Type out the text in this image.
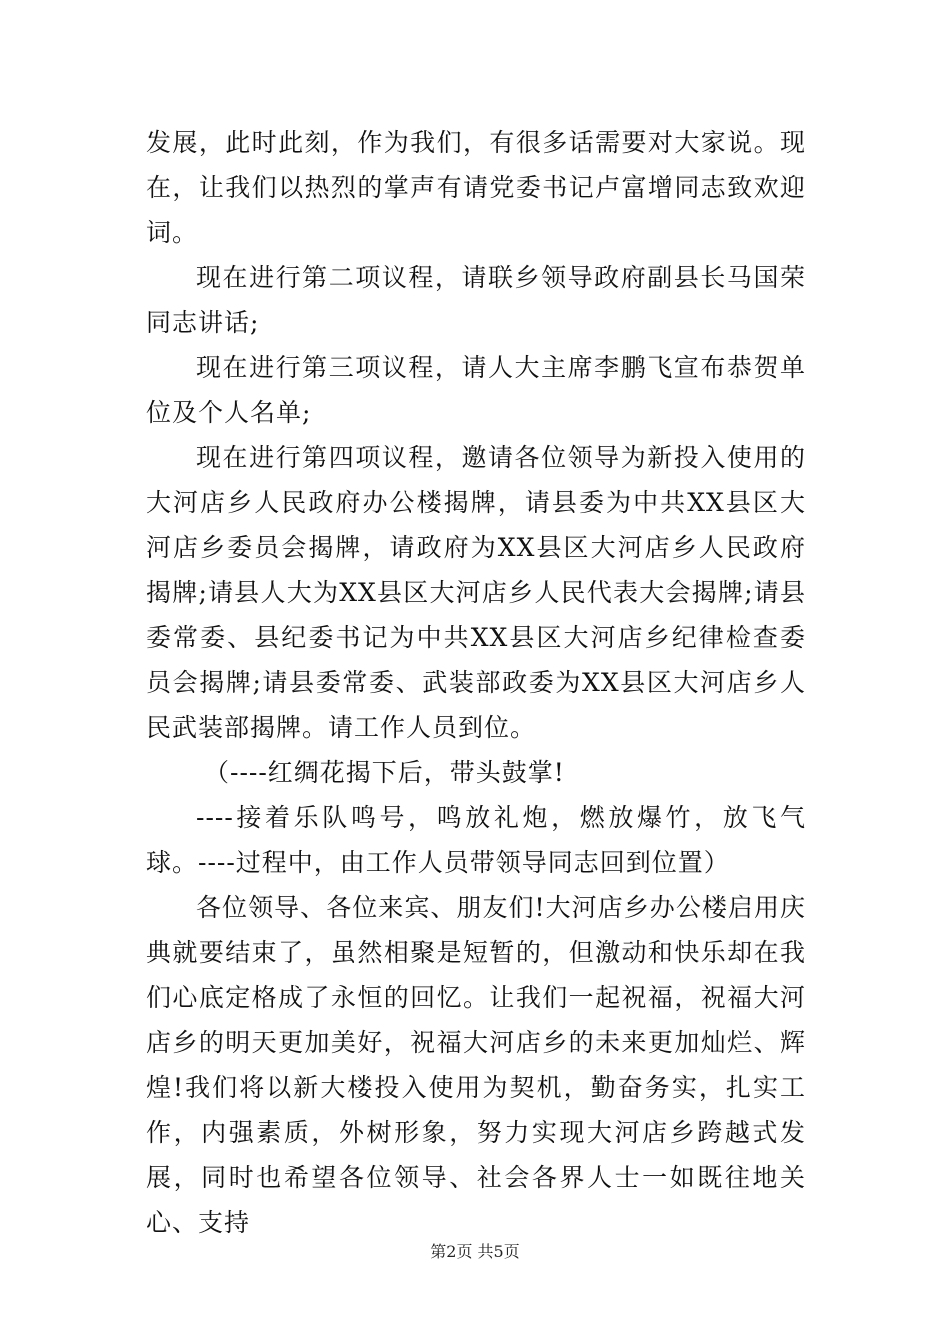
发展，此时此刻，作为我们，有很多话需要对大家说。现在，让我们以热烈的掌声有请党委书记卢富增同志致欢迎词。

现在进行第二项议程，请联乡领导政府副县长马国荣同志讲话;

现在进行第三项议程，请人大主席李鹏飞宣布恭贺单位及个人名单;

现在进行第四项议程，邀请各位领导为新投入使用的大河店乡人民政府办公楼揭牌，请县委为中共XX县区大河店乡委员会揭牌，请政府为XX县区大河店乡人民政府揭牌;请县人大为XX县区大河店乡人民代表大会揭牌;请县委常委、县纪委书记为中共XX县区大河店乡纪律检查委员会揭牌;请县委常委、武装部政委为XX县区大河店乡人民武装部揭牌。请工作人员到位。

（----红绸花揭下后，带头鼓掌!

----接着乐队鸣号，鸣放礼炮，燃放爆竹，放飞气球。----过程中，由工作人员带领导同志回到位置）

各位领导、各位来宾、朋友们!大河店乡办公楼启用庆典就要结束了，虽然相聚是短暂的，但激动和快乐却在我们心底定格成了永恒的回忆。让我们一起祝福，祝福大河店乡的明天更加美好，祝福大河店乡的未来更加灿烂、辉煌!我们将以新大楼投入使用为契机，勤奋务实，扎实工作，内强素质，外树形象，努力实现大河店乡跨越式发展，同时也希望各位领导、社会各界人士一如既往地关心、支持

第2页 共5页
